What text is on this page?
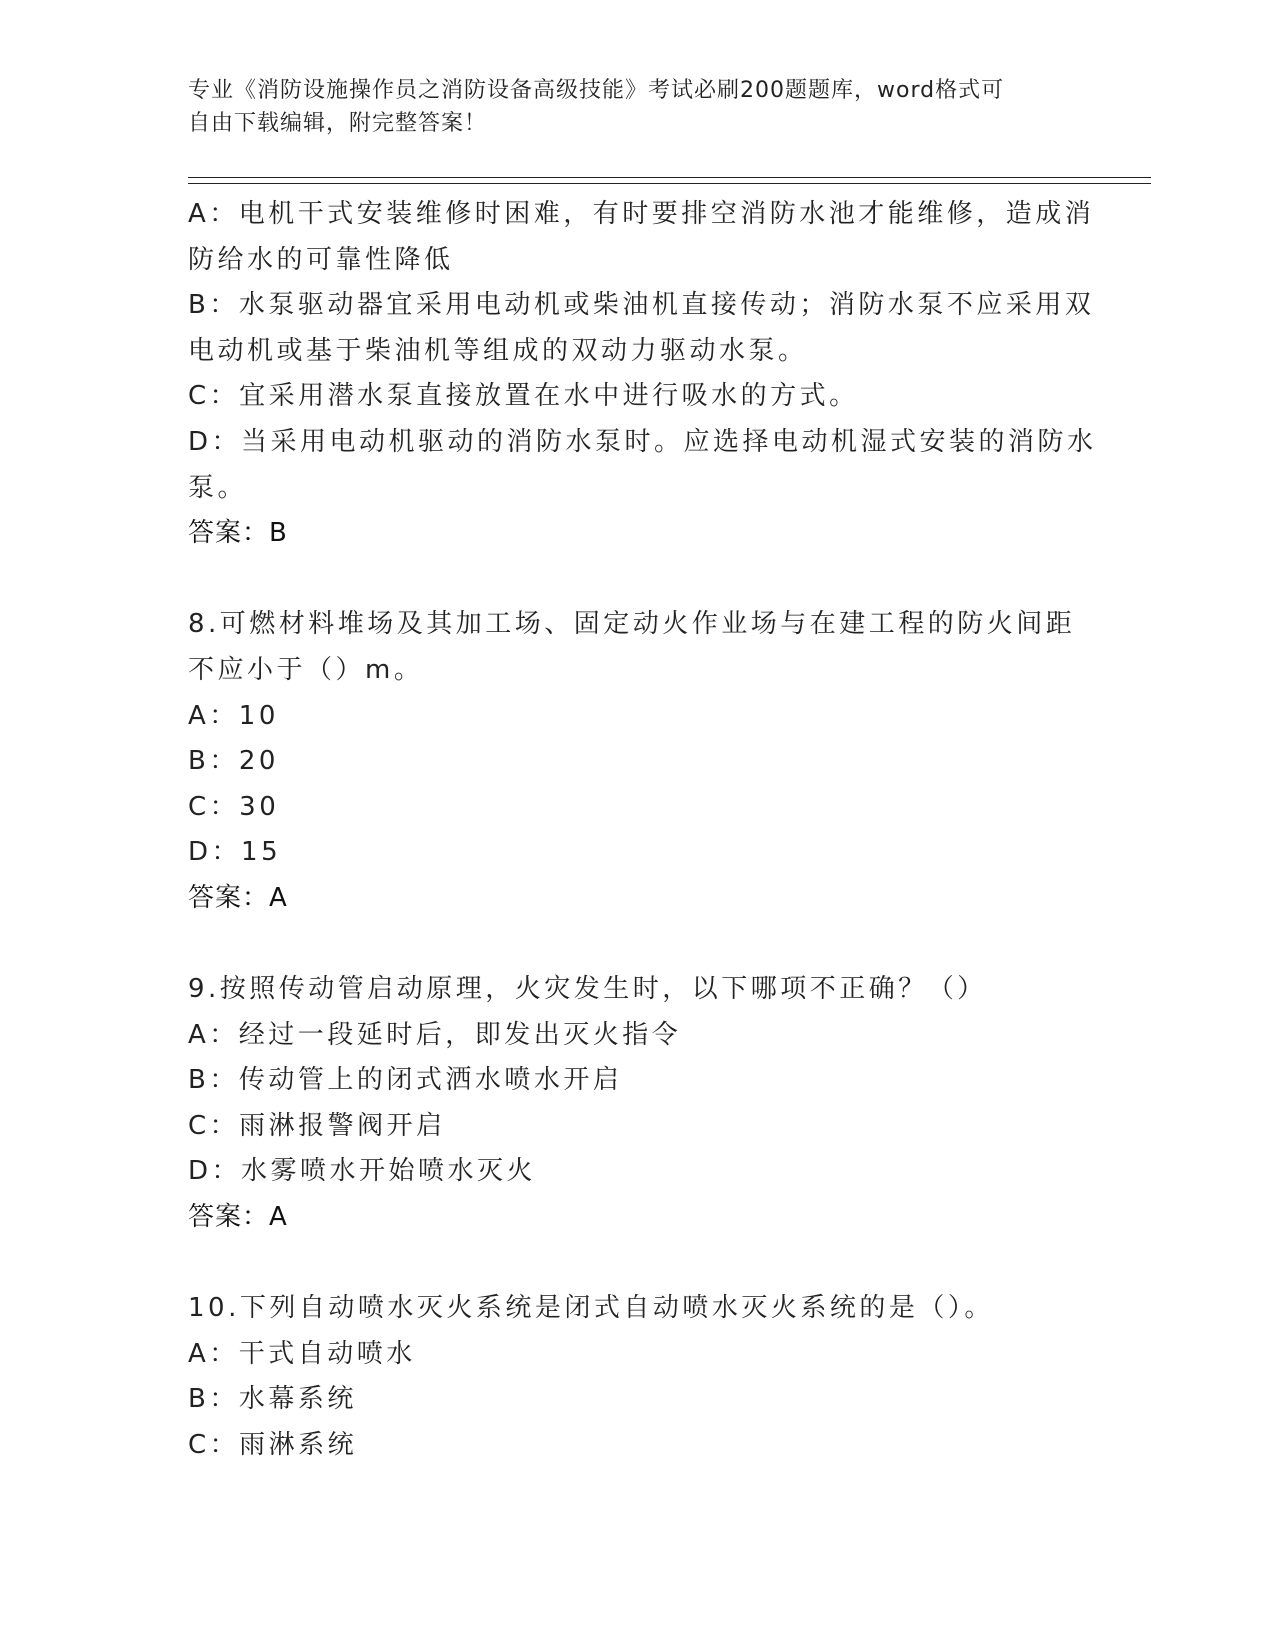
专业《消防设施操作员之消防设备高级技能》考试必刷200题题库，word格式可
自由下载编辑，附完整答案！
A：电机干式安装维修时困难，有时要排空消防水池才能维修，造成消
防给水的可靠性降低
B：水泵驱动器宜采用电动机或柴油机直接传动；消防水泵不应采用双
电动机或基于柴油机等组成的双动力驱动水泵。
C：宜采用潜水泵直接放置在水中进行吸水的方式。
D：当采用电动机驱动的消防水泵时。应选择电动机湿式安装的消防水
泵。
答案：B
8.可燃材料堆场及其加工场、固定动火作业场与在建工程的防火间距
不应小于（）m。
A：10
B：20
C：30
D：15
答案：A
9.按照传动管启动原理，火灾发生时，以下哪项不正确？（）
A：经过一段延时后，即发出灭火指令
B：传动管上的闭式洒水喷水开启
C：雨淋报警阀开启
D：水雾喷水开始喷水灭火
答案：A
10.下列自动喷水灭火系统是闭式自动喷水灭火系统的是（）。
A：干式自动喷水
B：水幕系统
C：雨淋系统
